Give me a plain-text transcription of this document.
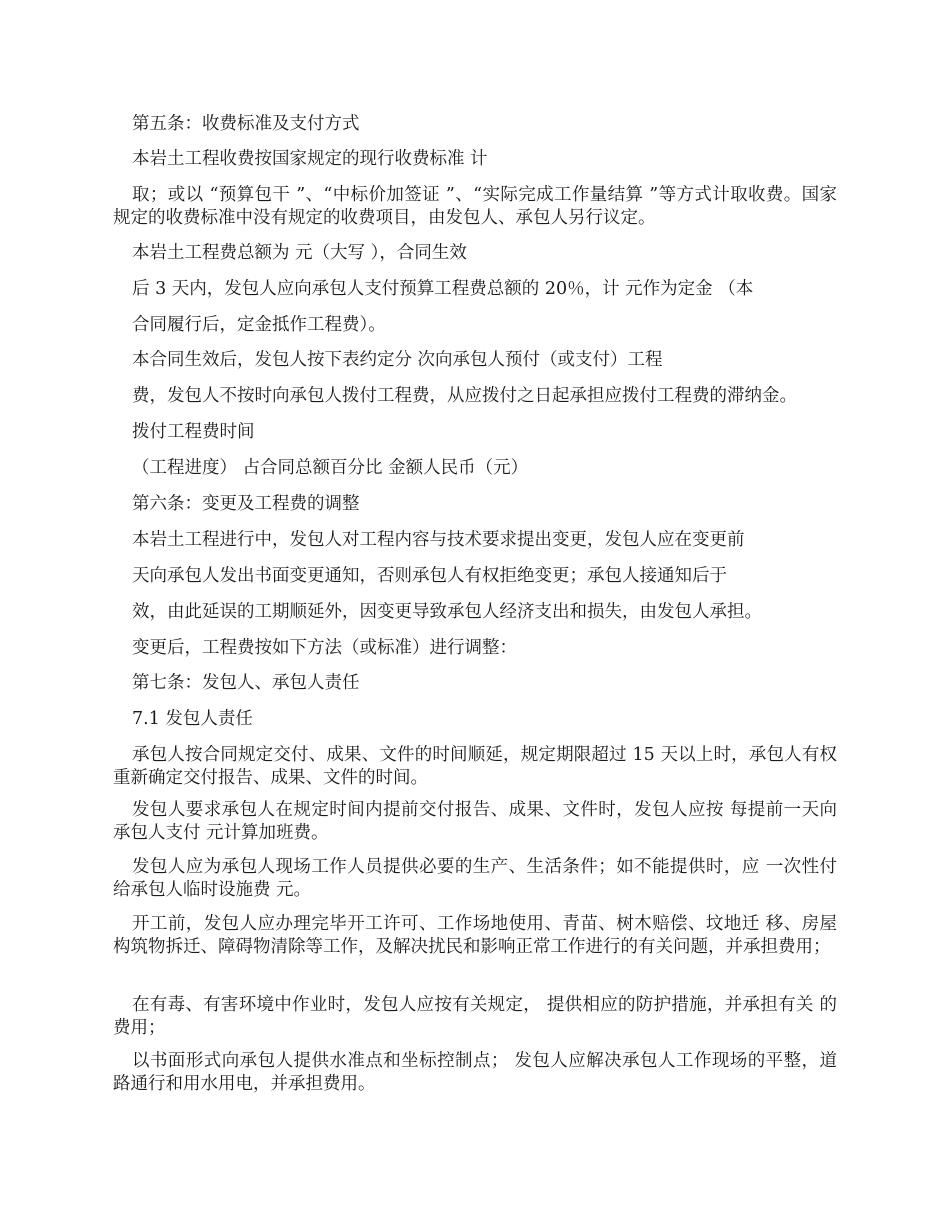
第五条：收费标准及支付方式
本岩土工程收费按国家规定的现行收费标准 计
取；或以 “预算包干 ”、“中标价加签证 ”、“实际完成工作量结算 ”等方式计取收费。国家规定的收费标准中没有规定的收费项目，由发包人、承包人另行议定。
本岩土工程费总额为 元（大写 ），合同生效
后 3 天内，发包人应向承包人支付预算工程费总额的 20％，计 元作为定金 （本
合同履行后，定金抵作工程费）。
本合同生效后，发包人按下表约定分 次向承包人预付（或支付）工程
费，发包人不按时向承包人拨付工程费，从应拨付之日起承担应拨付工程费的滞纳金。
拨付工程费时间
（工程进度） 占合同总额百分比 金额人民币（元）
第六条：变更及工程费的调整
本岩土工程进行中，发包人对工程内容与技术要求提出变更，发包人应在变更前
天向承包人发出书面变更通知，否则承包人有权拒绝变更；承包人接通知后于
效，由此延误的工期顺延外，因变更导致承包人经济支出和损失，由发包人承担。
变更后，工程费按如下方法（或标准）进行调整：
第七条：发包人、承包人责任
7.1 发包人责任
承包人按合同规定交付、成果、文件的时间顺延，规定期限超过 15 天以上时，承包人有权重新确定交付报告、成果、文件的时间。
发包人要求承包人在规定时间内提前交付报告、成果、文件时，发包人应按 每提前一天向承包人支付 元计算加班费。
发包人应为承包人现场工作人员提供必要的生产、生活条件；如不能提供时，应 一次性付给承包人临时设施费 元。
开工前，发包人应办理完毕开工许可、工作场地使用、青苗、树木赔偿、坟地迁 移、房屋构筑物拆迁、障碍物清除等工作，及解决扰民和影响正常工作进行的有关问题，并承担费用；
在有毒、有害环境中作业时，发包人应按有关规定， 提供相应的防护措施，并承担有关 的费用；
以书面形式向承包人提供水准点和坐标控制点； 发包人应解决承包人工作现场的平整，道路通行和用水用电，并承担费用。
